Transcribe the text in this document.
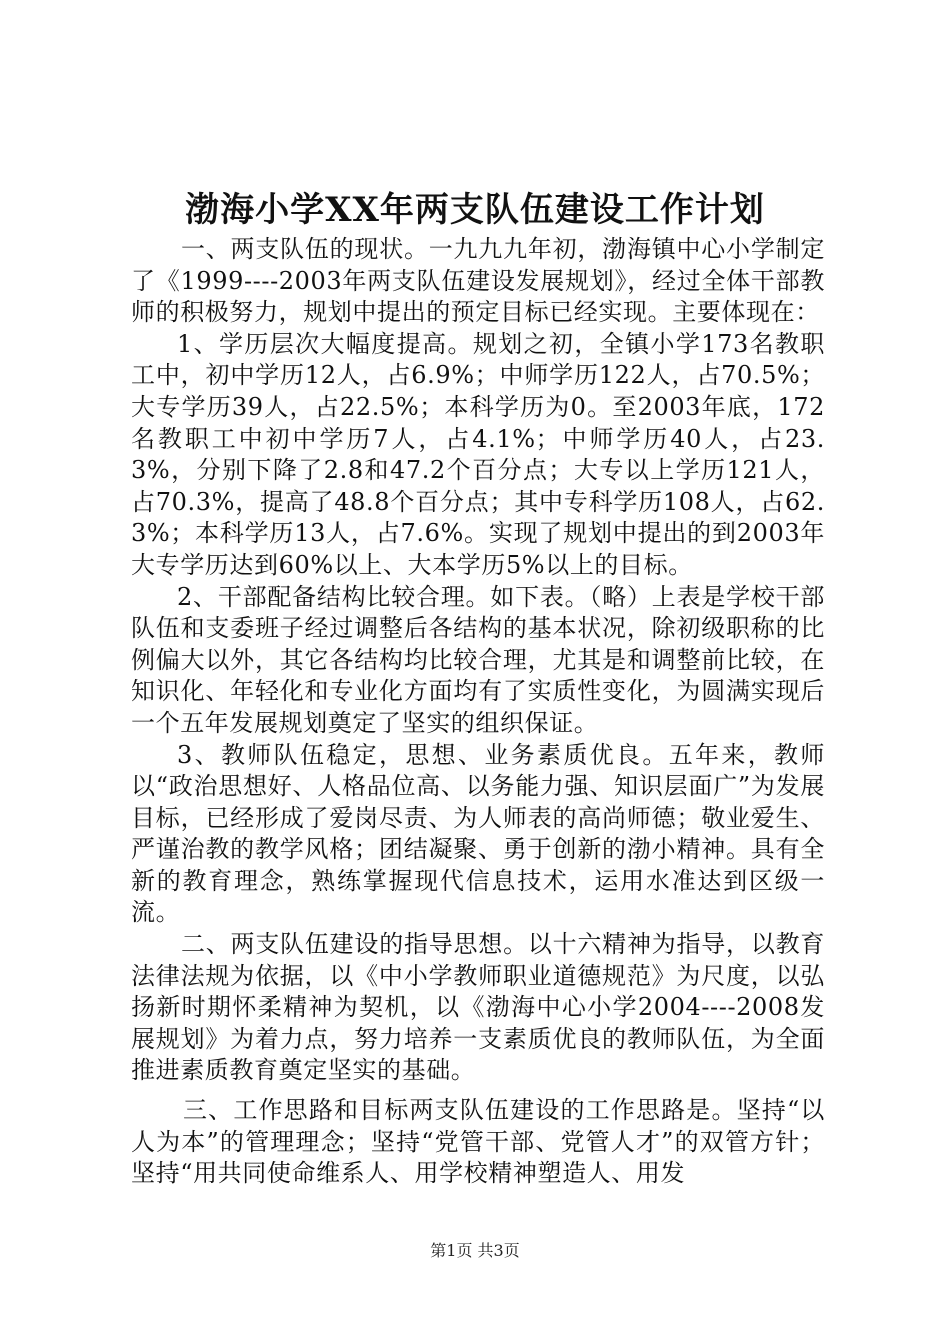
渤海小学XX年两支队伍建设工作计划

一、两支队伍的现状。一九九九年初，渤海镇中心小学制定了《1999----2003年两支队伍建设发展规划》，经过全体干部教师的积极努力，规划中提出的预定目标已经实现。主要体现在：

1、学历层次大幅度提高。规划之初，全镇小学173名教职工中，初中学历12人，占6.9%；中师学历122人，占70.5%；大专学历39人，占22.5%；本科学历为0。至2003年底，172名教职工中初中学历7人，占4.1%；中师学历40人，占23.3%，分别下降了2.8和47.2个百分点；大专以上学历121人，占70.3%，提高了48.8个百分点；其中专科学历108人，占62.3%；本科学历13人，占7.6%。实现了规划中提出的到2003年大专学历达到60%以上、大本学历5%以上的目标。

2、干部配备结构比较合理。如下表。（略）上表是学校干部队伍和支委班子经过调整后各结构的基本状况，除初级职称的比例偏大以外，其它各结构均比较合理，尤其是和调整前比较，在知识化、年轻化和专业化方面均有了实质性变化，为圆满实现后一个五年发展规划奠定了坚实的组织保证。

3、教师队伍稳定，思想、业务素质优良。五年来，教师以“政治思想好、人格品位高、以务能力强、知识层面广”为发展目标，已经形成了爱岗尽责、为人师表的高尚师德；敬业爱生、严谨治教的教学风格；团结凝聚、勇于创新的渤小精神。具有全新的教育理念，熟练掌握现代信息技术，运用水准达到区级一流。

二、两支队伍建设的指导思想。以十六精神为指导，以教育法律法规为依据，以《中小学教师职业道德规范》为尺度，以弘扬新时期怀柔精神为契机，以《渤海中心小学2004----2008发展规划》为着力点，努力培养一支素质优良的教师队伍，为全面推进素质教育奠定坚实的基础。

三、工作思路和目标两支队伍建设的工作思路是。坚持“以人为本”的管理理念；坚持“党管干部、党管人才”的双管方针；坚持“用共同使命维系人、用学校精神塑造人、用发

第1页 共3页
